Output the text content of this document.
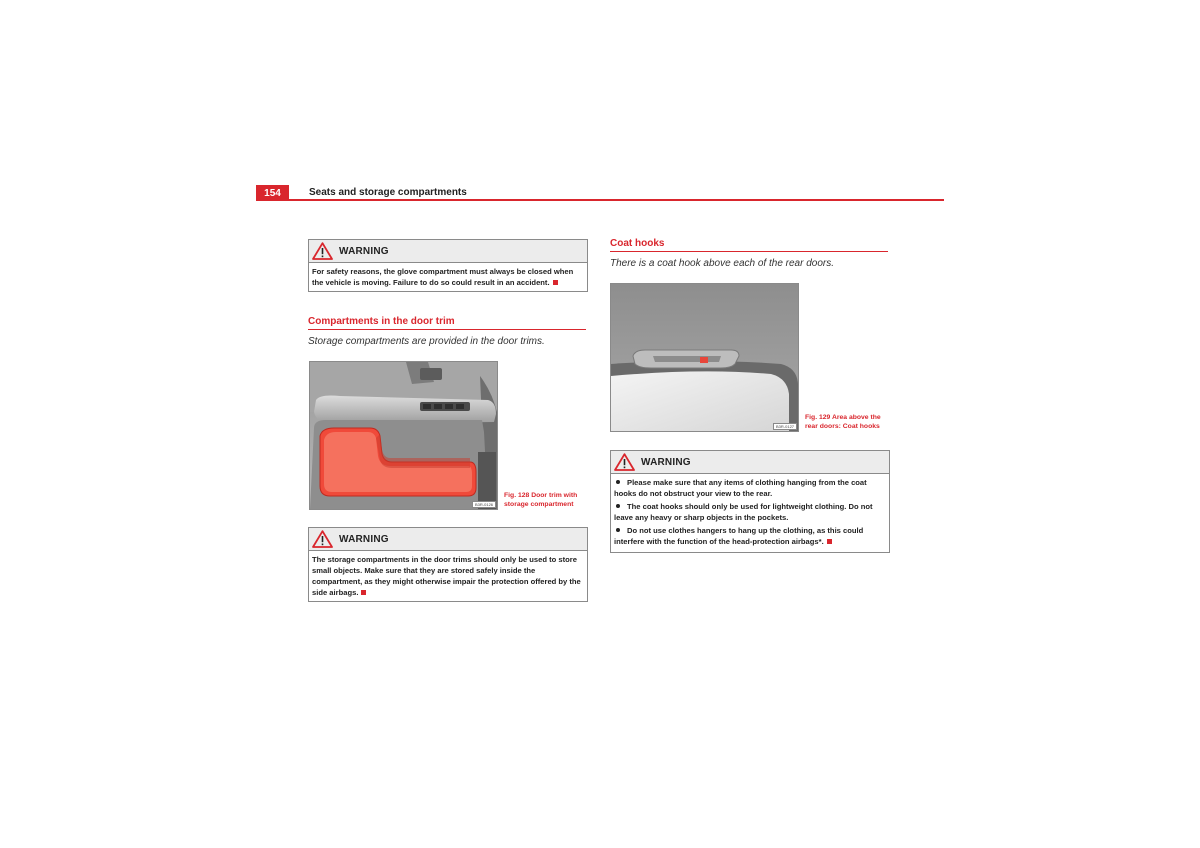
154	Seats and storage compartments
WARNING
For safety reasons, the glove compartment must always be closed when the vehicle is moving. Failure to do so could result in an accident.
Compartments in the door trim
Storage compartments are provided in the door trims.
B3R-0126
Fig. 128 Door trim with storage compartment
WARNING
The storage compartments in the door trims should only be used to store small objects. Make sure that they are stored safely inside the compartment, as they might otherwise impair the protection offered by the side airbags.
Coat hooks
There is a coat hook above each of the rear doors.
B3R-0127
Fig. 129 Area above the rear doors: Coat hooks
WARNING
Please make sure that any items of clothing hanging from the coat hooks do not obstruct your view to the rear.
The coat hooks should only be used for lightweight clothing. Do not leave any heavy or sharp objects in the pockets.
Do not use clothes hangers to hang up the clothing, as this could interfere with the function of the head-protection airbags*.
